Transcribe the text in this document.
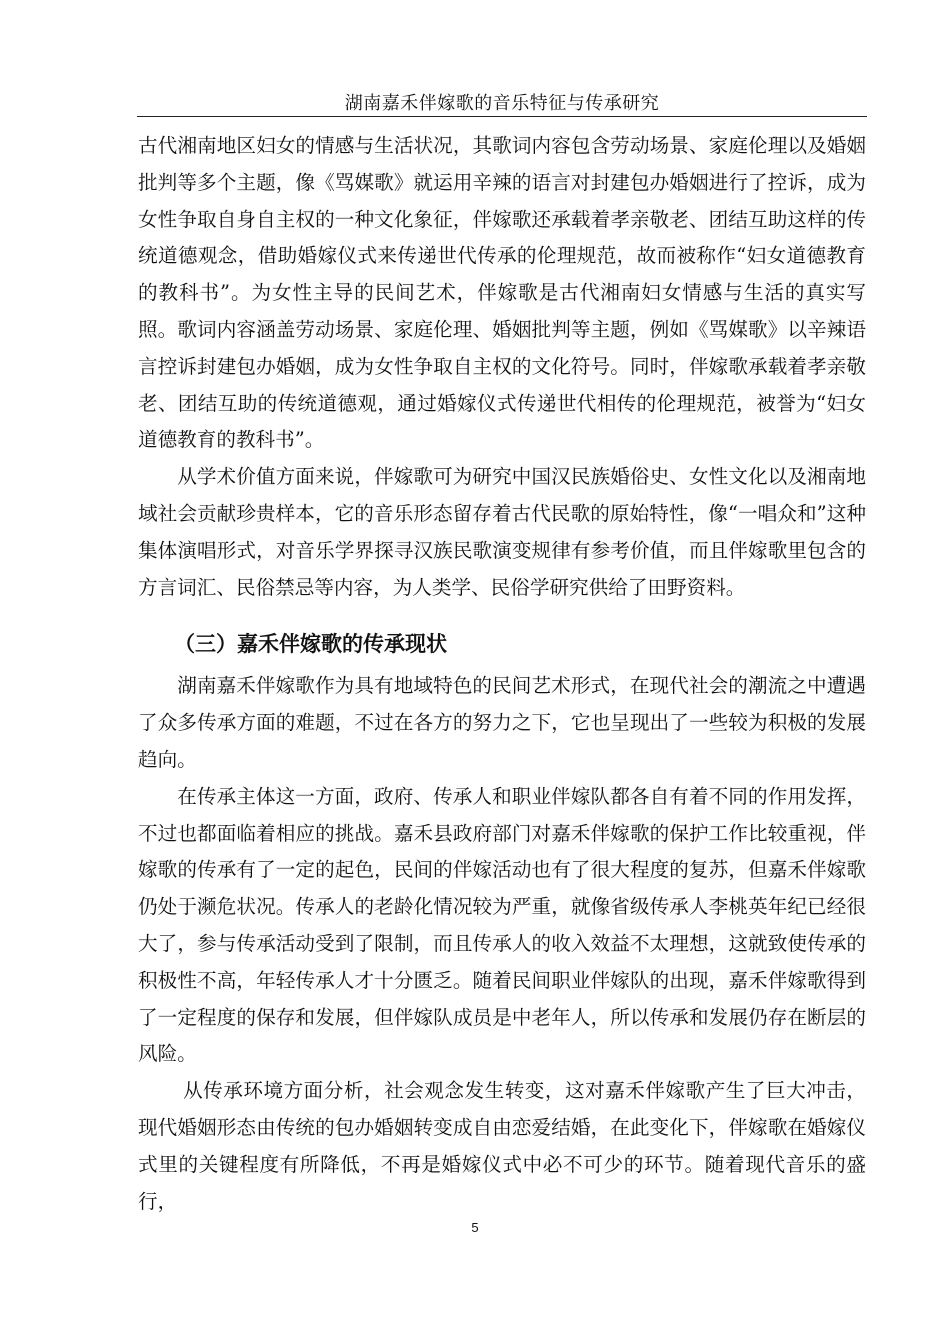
湖南嘉禾伴嫁歌的音乐特征与传承研究

古代湘南地区妇女的情感与生活状况，其歌词内容包含劳动场景、家庭伦理以及婚姻批判等多个主题，像《骂媒歌》就运用辛辣的语言对封建包办婚姻进行了控诉，成为女性争取自身自主权的一种文化象征，伴嫁歌还承载着孝亲敬老、团结互助这样的传统道德观念，借助婚嫁仪式来传递世代传承的伦理规范，故而被称作“妇女道德教育的教科书”。为女性主导的民间艺术，伴嫁歌是古代湘南妇女情感与生活的真实写照。歌词内容涵盖劳动场景、家庭伦理、婚姻批判等主题，例如《骂媒歌》以辛辣语言控诉封建包办婚姻，成为女性争取自主权的文化符号。同时，伴嫁歌承载着孝亲敬老、团结互助的传统道德观，通过婚嫁仪式传递世代相传的伦理规范，被誉为“妇女道德教育的教科书”。

从学术价值方面来说，伴嫁歌可为研究中国汉民族婚俗史、女性文化以及湘南地域社会贡献珍贵样本，它的音乐形态留存着古代民歌的原始特性，像“一唱众和”这种集体演唱形式，对音乐学界探寻汉族民歌演变规律有参考价值，而且伴嫁歌里包含的方言词汇、民俗禁忌等内容，为人类学、民俗学研究供给了田野资料。

（三）嘉禾伴嫁歌的传承现状

湖南嘉禾伴嫁歌作为具有地域特色的民间艺术形式，在现代社会的潮流之中遭遇了众多传承方面的难题，不过在各方的努力之下，它也呈现出了一些较为积极的发展趋向。

在传承主体这一方面，政府、传承人和职业伴嫁队都各自有着不同的作用发挥，不过也都面临着相应的挑战。嘉禾县政府部门对嘉禾伴嫁歌的保护工作比较重视，伴嫁歌的传承有了一定的起色，民间的伴嫁活动也有了很大程度的复苏，但嘉禾伴嫁歌仍处于濒危状况。传承人的老龄化情况较为严重，就像省级传承人李桃英年纪已经很大了，参与传承活动受到了限制，而且传承人的收入效益不太理想，这就致使传承的积极性不高，年轻传承人才十分匮乏。随着民间职业伴嫁队的出现，嘉禾伴嫁歌得到了一定程度的保存和发展，但伴嫁队成员是中老年人，所以传承和发展仍存在断层的风险。

从传承环境方面分析，社会观念发生转变，这对嘉禾伴嫁歌产生了巨大冲击，现代婚姻形态由传统的包办婚姻转变成自由恋爱结婚，在此变化下，伴嫁歌在婚嫁仪式里的关键程度有所降低，不再是婚嫁仪式中必不可少的环节。随着现代音乐的盛行，

5
